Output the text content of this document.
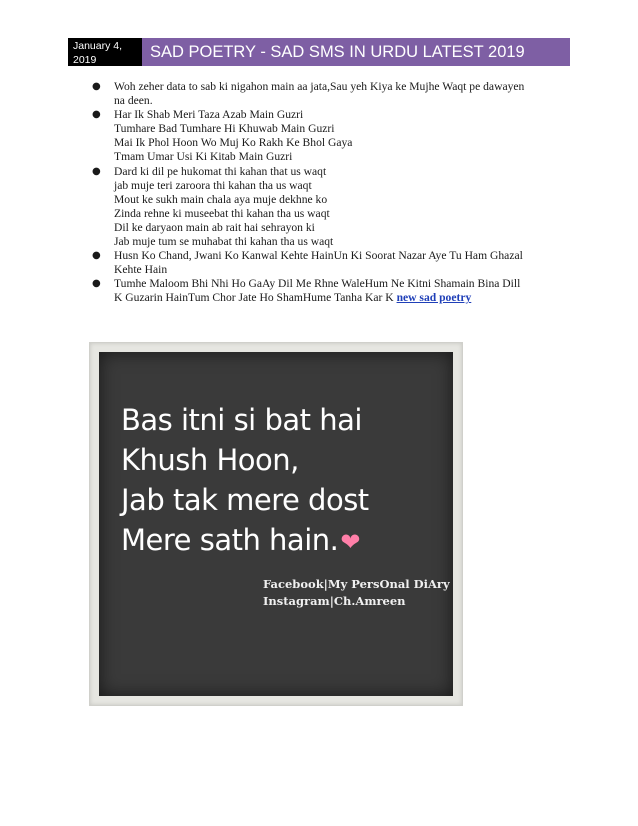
January 4, 2019	SAD POETRY - SAD SMS IN URDU LATEST 2019
● Woh zeher data to sab ki nigahon main aa jata,Sau yeh Kiya ke Mujhe Waqt pe dawayen
na deen.
● Har Ik Shab Meri Taza Azab Main Guzri
Tumhare Bad Tumhare Hi Khuwab Main Guzri
Mai Ik Phol Hoon Wo Muj Ko Rakh Ke Bhol Gaya
Tmam Umar Usi Ki Kitab Main Guzri
● Dard ki dil pe hukomat thi kahan that us waqt
jab muje teri zaroora thi kahan tha us waqt
Mout ke sukh main chala aya muje dekhne ko
Zinda rehne ki museebat thi kahan tha us waqt
Dil ke daryaon main ab rait hai sehrayon ki
Jab muje tum se muhabat thi kahan tha us waqt
● Husn Ko Chand, Jwani Ko Kanwal Kehte HainUn Ki Soorat Nazar Aye Tu Ham Ghazal
Kehte Hain
● Tumhe Maloom Bhi Nhi Ho GaAy Dil Me Rhne WaleHum Ne Kitni Shamain Bina Dill
K Guzarin HainTum Chor Jate Ho ShamHume Tanha Kar K new sad poetry

Bas itni si bat hai
Khush Hoon,
Jab tak mere dost
Mere sath hain.❤

Facebook|My PersOnal DiAry
Instagram|Ch.Amreen
